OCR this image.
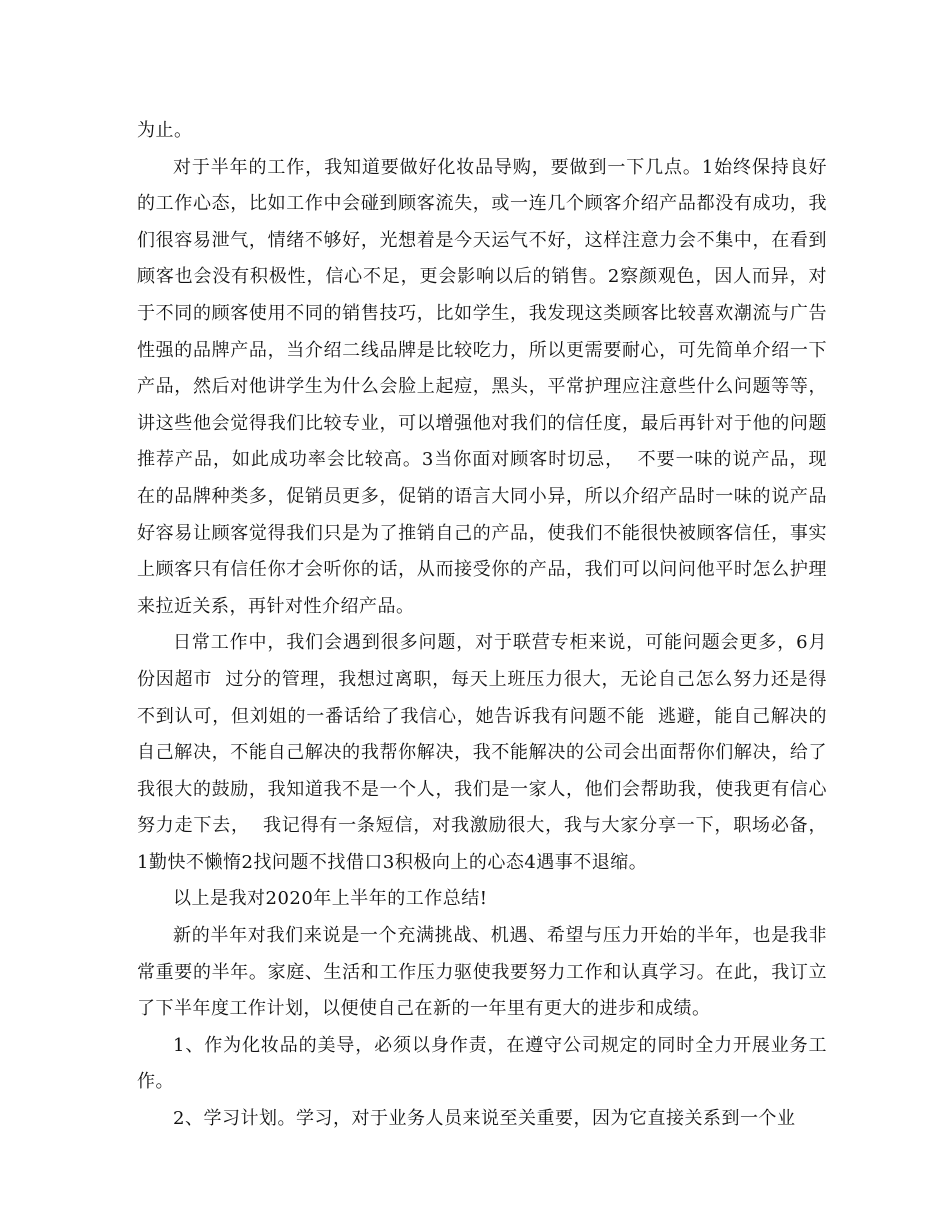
为止。

对于半年的工作，我知道要做好化妆品导购，要做到一下几点。1始终保持良好的工作心态，比如工作中会碰到顾客流失，或一连几个顾客介绍产品都没有成功，我们很容易泄气，情绪不够好，光想着是今天运气不好，这样注意力会不集中，在看到顾客也会没有积极性，信心不足，更会影响以后的销售。2察颜观色，因人而异，对于不同的顾客使用不同的销售技巧，比如学生，我发现这类顾客比较喜欢潮流与广告性强的品牌产品，当介绍二线品牌是比较吃力，所以更需要耐心，可先简单介绍一下产品，然后对他讲学生为什么会脸上起痘，黑头，平常护理应注意些什么问题等等，讲这些他会觉得我们比较专业，可以增强他对我们的信任度，最后再针对于他的问题推荐产品，如此成功率会比较高。3当你面对顾客时切忌，  不要一味的说产品，现在的品牌种类多，促销员更多，促销的语言大同小异，所以介绍产品时一味的说产品好容易让顾客觉得我们只是为了推销自己的产品，使我们不能很快被顾客信任，事实上顾客只有信任你才会听你的话，从而接受你的产品，我们可以问问他平时怎么护理来拉近关系，再针对性介绍产品。

日常工作中，我们会遇到很多问题，对于联营专柜来说，可能问题会更多，6月份因超市  过分的管理，我想过离职，每天上班压力很大，无论自己怎么努力还是得不到认可，但刘姐的一番话给了我信心，她告诉我有问题不能  逃避，能自己解决的自己解决，不能自己解决的我帮你解决，我不能解决的公司会出面帮你们解决，给了我很大的鼓励，我知道我不是一个人，我们是一家人，他们会帮助我，使我更有信心努力走下去，  我记得有一条短信，对我激励很大，我与大家分享一下，职场必备，1勤快不懒惰2找问题不找借口3积极向上的心态4遇事不退缩。

以上是我对2020年上半年的工作总结!

新的半年对我们来说是一个充满挑战、机遇、希望与压力开始的半年，也是我非常重要的半年。家庭、生活和工作压力驱使我要努力工作和认真学习。在此，我订立了下半年度工作计划，以便使自己在新的一年里有更大的进步和成绩。

1、作为化妆品的美导，必须以身作责，在遵守公司规定的同时全力开展业务工作。

2、学习计划。学习，对于业务人员来说至关重要，因为它直接关系到一个业
